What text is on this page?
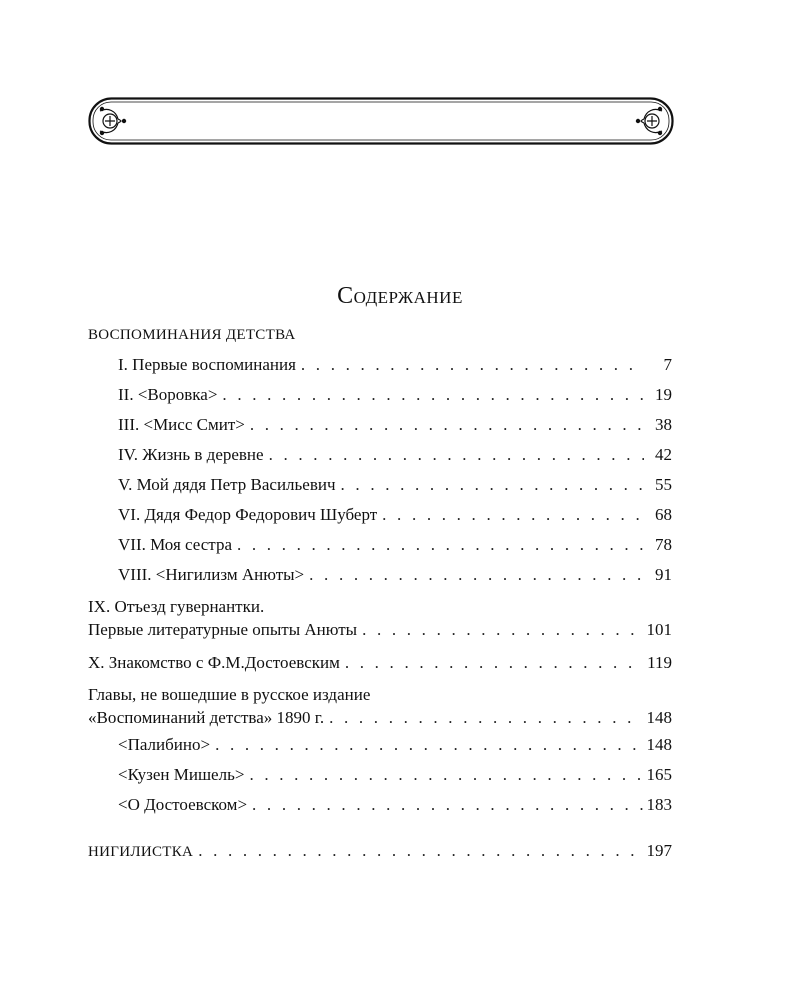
Содержание
ВОСПОМИНАНИЯ ДЕТСТВА
I. Первые воспоминания . . .	7
II. <Воровка> . . .	19
III. <Мисс Смит> . . .	38
IV. Жизнь в деревне . . .	42
V. Мой дядя Петр Васильевич . . .	55
VI. Дядя Федор Федорович Шуберт . . .	68
VII. Моя сестра . . .	78
VIII. <Нигилизм Анюты> . . .	91
IX. Отъезд гувернантки.
Первые литературные опыты Анюты . . .	101
X. Знакомство с Ф.М.Достоевским . . .	119
Главы, не вошедшие в русское издание
«Воспоминаний детства» 1890 г. . . .	148
<Палибино> . . .	148
<Кузен Мишель> . . .	165
<О Достоевском> . . .	183
НИГИЛИСТКА . . .	197
